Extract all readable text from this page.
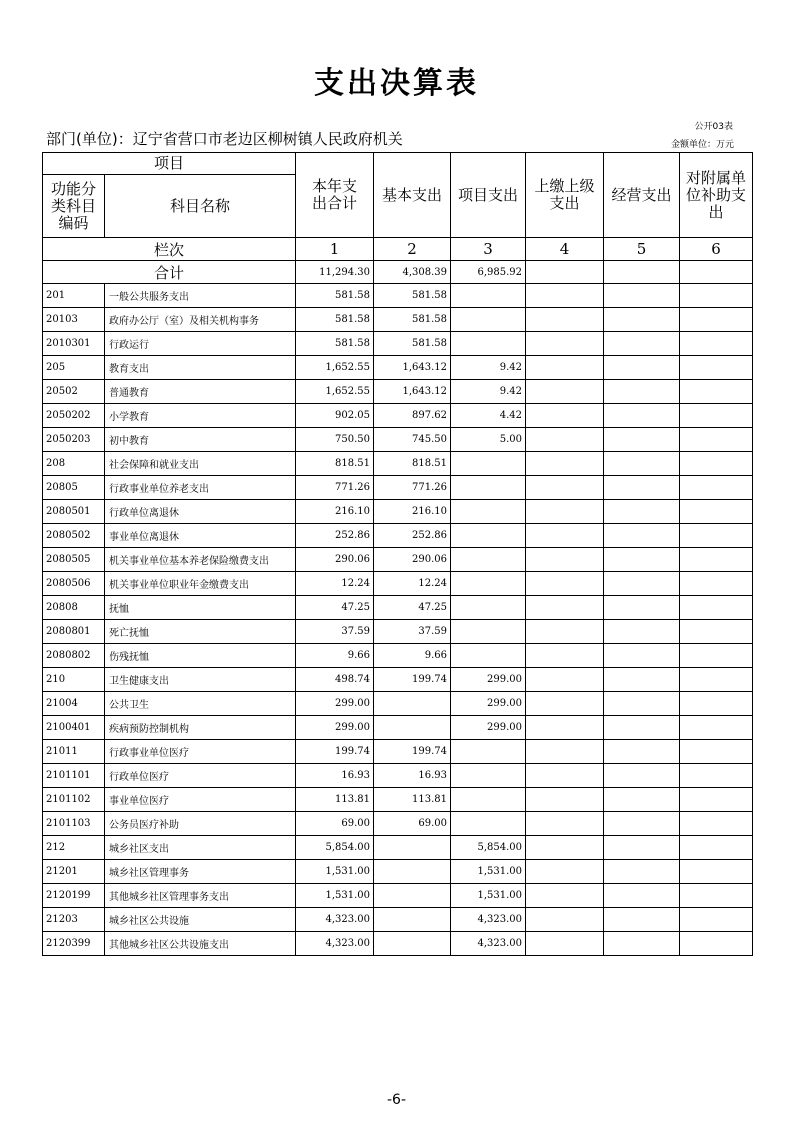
支出决算表
公开03表
部门(单位)：辽宁省营口市老边区柳树镇人民政府机关	金额单位：万元
项目		本年支出合计	基本支出	项目支出	上缴上级支出	经营支出	对附属单位补助支出
功能分类科目编码	科目名称						
栏次		1	2	3	4	5	6
合计		11,294.30	4,308.39	6,985.92			
201	一般公共服务支出	581.58	581.58				
20103	政府办公厅（室）及相关机构事务	581.58	581.58				
2010301	行政运行	581.58	581.58				
205	教育支出	1,652.55	1,643.12	9.42			
20502	普通教育	1,652.55	1,643.12	9.42			
2050202	小学教育	902.05	897.62	4.42			
2050203	初中教育	750.50	745.50	5.00			
208	社会保障和就业支出	818.51	818.51				
20805	行政事业单位养老支出	771.26	771.26				
2080501	行政单位离退休	216.10	216.10				
2080502	事业单位离退休	252.86	252.86				
2080505	机关事业单位基本养老保险缴费支出	290.06	290.06				
2080506	机关事业单位职业年金缴费支出	12.24	12.24				
20808	抚恤	47.25	47.25				
2080801	死亡抚恤	37.59	37.59				
2080802	伤残抚恤	9.66	9.66				
210	卫生健康支出	498.74	199.74	299.00			
21004	公共卫生	299.00		299.00			
2100401	疾病预防控制机构	299.00		299.00			
21011	行政事业单位医疗	199.74	199.74				
2101101	行政单位医疗	16.93	16.93				
2101102	事业单位医疗	113.81	113.81				
2101103	公务员医疗补助	69.00	69.00				
212	城乡社区支出	5,854.00		5,854.00			
21201	城乡社区管理事务	1,531.00		1,531.00			
2120199	其他城乡社区管理事务支出	1,531.00		1,531.00			
21203	城乡社区公共设施	4,323.00		4,323.00			
2120399	其他城乡社区公共设施支出	4,323.00		4,323.00			
-6-
